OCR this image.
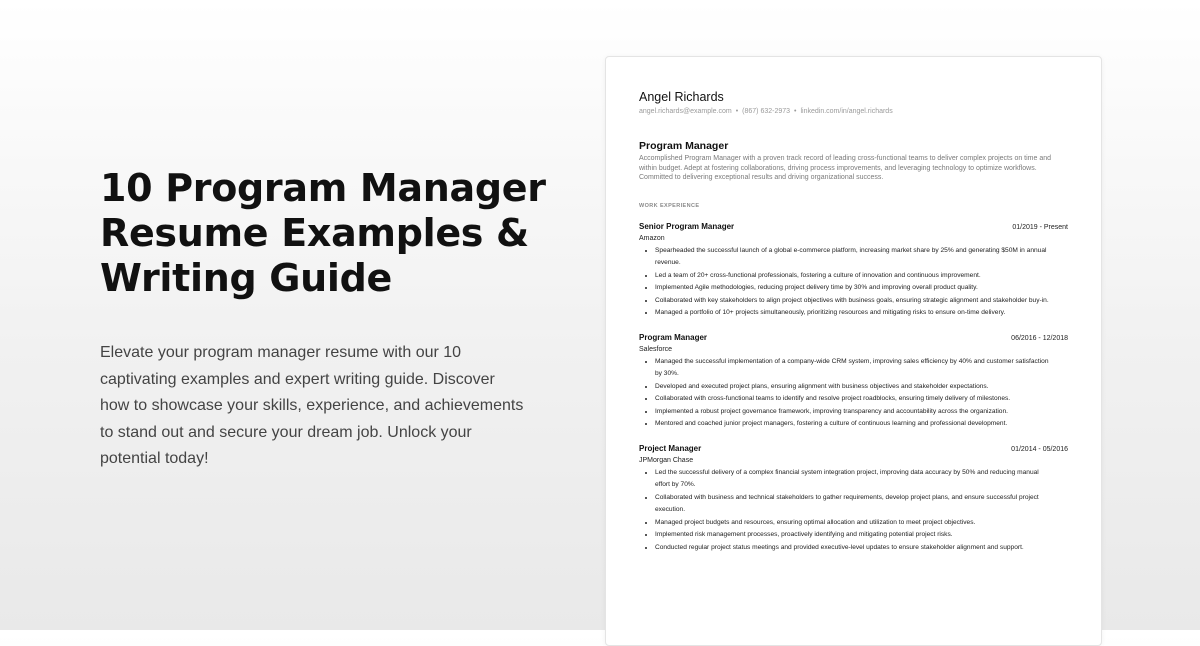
10 Program Manager
Resume Examples &
Writing Guide

Elevate your program manager resume with our 10
captivating examples and expert writing guide. Discover
how to showcase your skills, experience, and achievements
to stand out and secure your dream job. Unlock your
potential today!

Angel Richards
angel.richards@example.com • (867) 632-2973 • linkedin.com/in/angel.richards
Program Manager
Accomplished Program Manager with a proven track record of leading cross-functional teams to deliver complex projects on time and within budget. Adept at fostering collaborations, driving process improvements, and leveraging technology to optimize workflows. Committed to delivering exceptional results and driving organizational success.
WORK EXPERIENCE
Senior Program Manager	01/2019 - Present
Amazon
• Spearheaded the successful launch of a global e-commerce platform, increasing market share by 25% and generating $50M in annual revenue.
• Led a team of 20+ cross-functional professionals, fostering a culture of innovation and continuous improvement.
• Implemented Agile methodologies, reducing project delivery time by 30% and improving overall product quality.
• Collaborated with key stakeholders to align project objectives with business goals, ensuring strategic alignment and stakeholder buy-in.
• Managed a portfolio of 10+ projects simultaneously, prioritizing resources and mitigating risks to ensure on-time delivery.
Program Manager	06/2016 - 12/2018
Salesforce
• Managed the successful implementation of a company-wide CRM system, improving sales efficiency by 40% and customer satisfaction by 30%.
• Developed and executed project plans, ensuring alignment with business objectives and stakeholder expectations.
• Collaborated with cross-functional teams to identify and resolve project roadblocks, ensuring timely delivery of milestones.
• Implemented a robust project governance framework, improving transparency and accountability across the organization.
• Mentored and coached junior project managers, fostering a culture of continuous learning and professional development.
Project Manager	01/2014 - 05/2016
JPMorgan Chase
• Led the successful delivery of a complex financial system integration project, improving data accuracy by 50% and reducing manual effort by 70%.
• Collaborated with business and technical stakeholders to gather requirements, develop project plans, and ensure successful project execution.
• Managed project budgets and resources, ensuring optimal allocation and utilization to meet project objectives.
• Implemented risk management processes, proactively identifying and mitigating potential project risks.
• Conducted regular project status meetings and provided executive-level updates to ensure stakeholder alignment and support.
